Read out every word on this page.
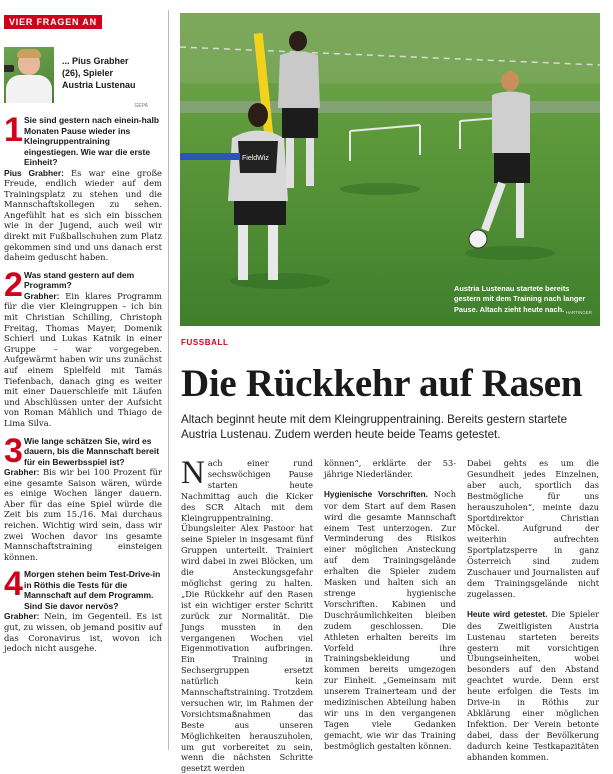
VIER FRAGEN AN
... Pius Grabher
(26), Spieler
Austria Lustenau
GEPA
1 Sie sind gestern nach einein-halb Monaten Pause wieder ins Kleingruppentraining eingestiegen. Wie war die erste Einheit?
Pius Grabher: Es war eine große Freude, endlich wieder auf dem Trainingsplatz zu stehen und die Mannschaftskollegen zu sehen. Angefühlt hat es sich ein bisschen wie in der Jugend, auch weil wir direkt mit Fußballschuhen zum Platz gekommen sind und uns danach erst daheim geduscht haben.
2 Was stand gestern auf dem Programm?
Grabher: Ein klares Programm für die vier Kleingruppen – ich bin mit Christian Schilling, Christoph Freitag, Thomas Mayer, Domenik Schierl und Lukas Katnik in einer Gruppe – war vorgegeben. Aufgewärmt haben wir uns zunächst auf einem Spielfeld mit Tamás Tiefenbach, danach ging es weiter mit einer Dauerschleife mit Läufen und Abschlüssen unter der Aufsicht von Roman Mählich und Thiago de Lima Silva.
3 Wie lange schätzen Sie, wird es dauern, bis die Mannschaft bereit für ein Bewerbsspiel ist?
Grabher: Bis wir bei 100 Prozent für eine gesamte Saison wären, würde es einige Wochen länger dauern. Aber für das eine Spiel würde die Zeit bis zum 15./16. Mai durchaus reichen. Wichtig wird sein, dass wir zwei Wochen davor ins gesamte Mannschaftstraining einsteigen können.
4 Morgen stehen beim Test-Drive-in in Röthis die Tests für die Mannschaft auf dem Programm. Sind Sie davor nervös?
Grabher: Nein, im Gegenteil. Es ist gut, zu wissen, ob jemand positiv auf das Coronavirus ist, wovon ich jedoch nicht ausgehe.
FieldWiz
Austria Lustenau startete bereits gestern mit dem Training nach langer Pause. Altach zieht heute nach. HARTINGER
FUSSBALL
Die Rückkehr auf Rasen
Altach beginnt heute mit dem Kleingruppentraining. Bereits gestern startete Austria Lustenau. Zudem werden heute beide Teams getestet.

Nach einer rund sechswöchigen Pause starten heute Nachmittag auch die Kicker des SCR Altach mit dem Kleingruppentraining. Übungsleiter Alex Pastoor hat seine Spieler in insgesamt fünf Gruppen unterteilt. Trainiert wird dabei in zwei Blöcken, um die Ansteckungsgefahr möglichst gering zu halten. „Die Rückkehr auf den Rasen ist ein wichtiger erster Schritt zurück zur Normalität. Die Jungs mussten in den vergangenen Wochen viel Eigenmotivation aufbringen. Ein Training in Sechsergruppen ersetzt natürlich kein Mannschaftstraining. Trotzdem versuchen wir, im Rahmen der Vorsichtsmaßnahmen das Beste aus unseren Möglichkeiten herauszuholen, um gut vorbereitet zu sein, wenn die nächsten Schritte gesetzt werden

können“, erklärte der 53-jährige Niederländer.

Hygienische Vorschriften. Noch vor dem Start auf dem Rasen wird die gesamte Mannschaft einem Test unterzogen. Zur Verminderung des Risikos einer möglichen Ansteckung auf dem Trainingsgelände erhalten die Spieler zudem Masken und halten sich an strenge hygienische Vorschriften. Kabinen und Duschräumlichkeiten bleiben zudem geschlossen. Die Athleten erhalten bereits im Vorfeld ihre Trainingsbekleidung und kommen bereits umgezogen zur Einheit. „Gemeinsam mit unserem Trainerteam und der medizinischen Abteilung haben wir uns in den vergangenen Tagen viele Gedanken gemacht, wie wir das Training bestmöglich gestalten können.

Dabei gehts es um die Gesundheit jedes Einzelnen, aber auch, sportlich das Bestmögliche für uns herauszuholen“, meinte dazu Sportdirektor Christian Möckel. Aufgrund der weiterhin aufrechten Sportplatzsperre in ganz Österreich sind zudem Zuschauer und Journalisten auf dem Trainingsgelände nicht zugelassen.

Heute wird getestet. Die Spieler des Zweitligisten Austria Lustenau starteten bereits gestern mit vorsichtigen Übungseinheiten, wobei besonders auf den Abstand geachtet wurde. Denn erst heute erfolgen die Tests im Drive-in in Röthis zur Abklärung einer möglichen Infektion. Der Verein betonte dabei, dass der Bevölkerung dadurch keine Testkapazitäten abhanden kommen.
